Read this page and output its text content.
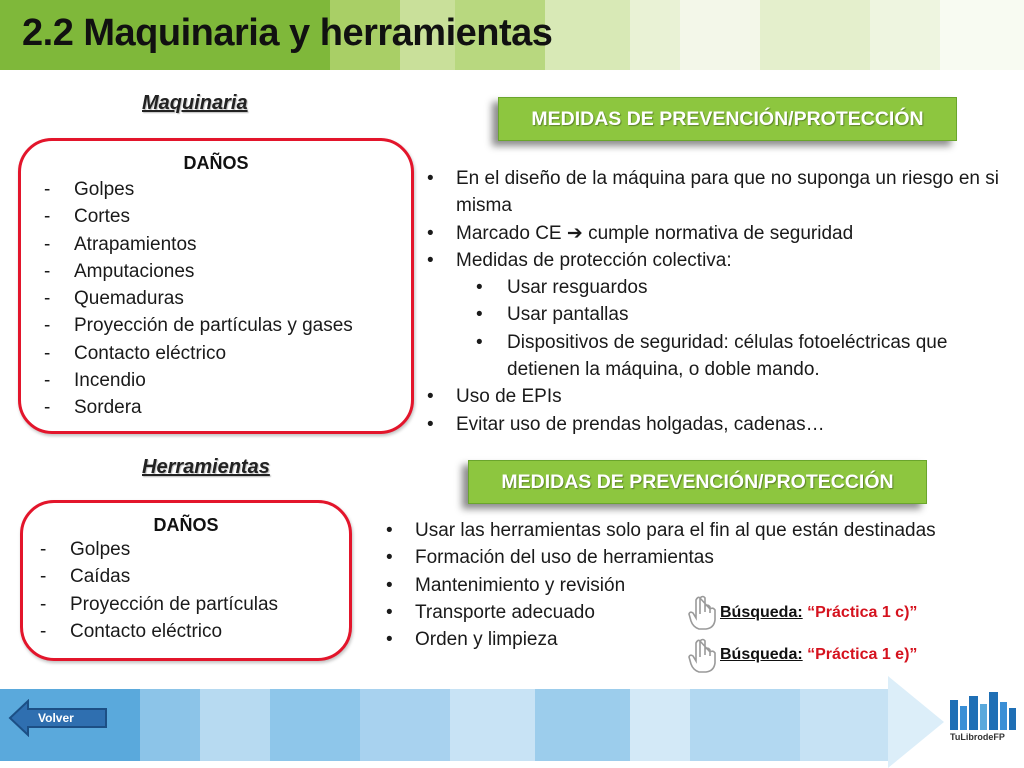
2.2 Maquinaria y herramientas
Maquinaria
DAÑOS
- Golpes
- Cortes
- Atrapamientos
- Amputaciones
- Quemaduras
- Proyección de partículas y gases
- Contacto eléctrico
- Incendio
- Sordera
MEDIDAS DE PREVENCIÓN/PROTECCIÓN
• En el diseño de la máquina para que no suponga un riesgo en si misma
• Marcado CE ➔ cumple normativa de seguridad
• Medidas de protección colectiva:
• Usar resguardos
• Usar pantallas
• Dispositivos de seguridad: células fotoeléctricas que detienen la máquina, o doble mando.
• Uso de EPIs
• Evitar uso de prendas holgadas, cadenas…
Herramientas
DAÑOS
- Golpes
- Caídas
- Proyección de partículas
- Contacto eléctrico
MEDIDAS DE PREVENCIÓN/PROTECCIÓN
• Usar las herramientas solo para el fin al que están destinadas
• Formación del uso de herramientas
• Mantenimiento y revisión
• Transporte adecuado
• Orden y limpieza
Búsqueda: “Práctica 1 c)”
Búsqueda: “Práctica 1 e)”
Volver
TuLibrodeFP
